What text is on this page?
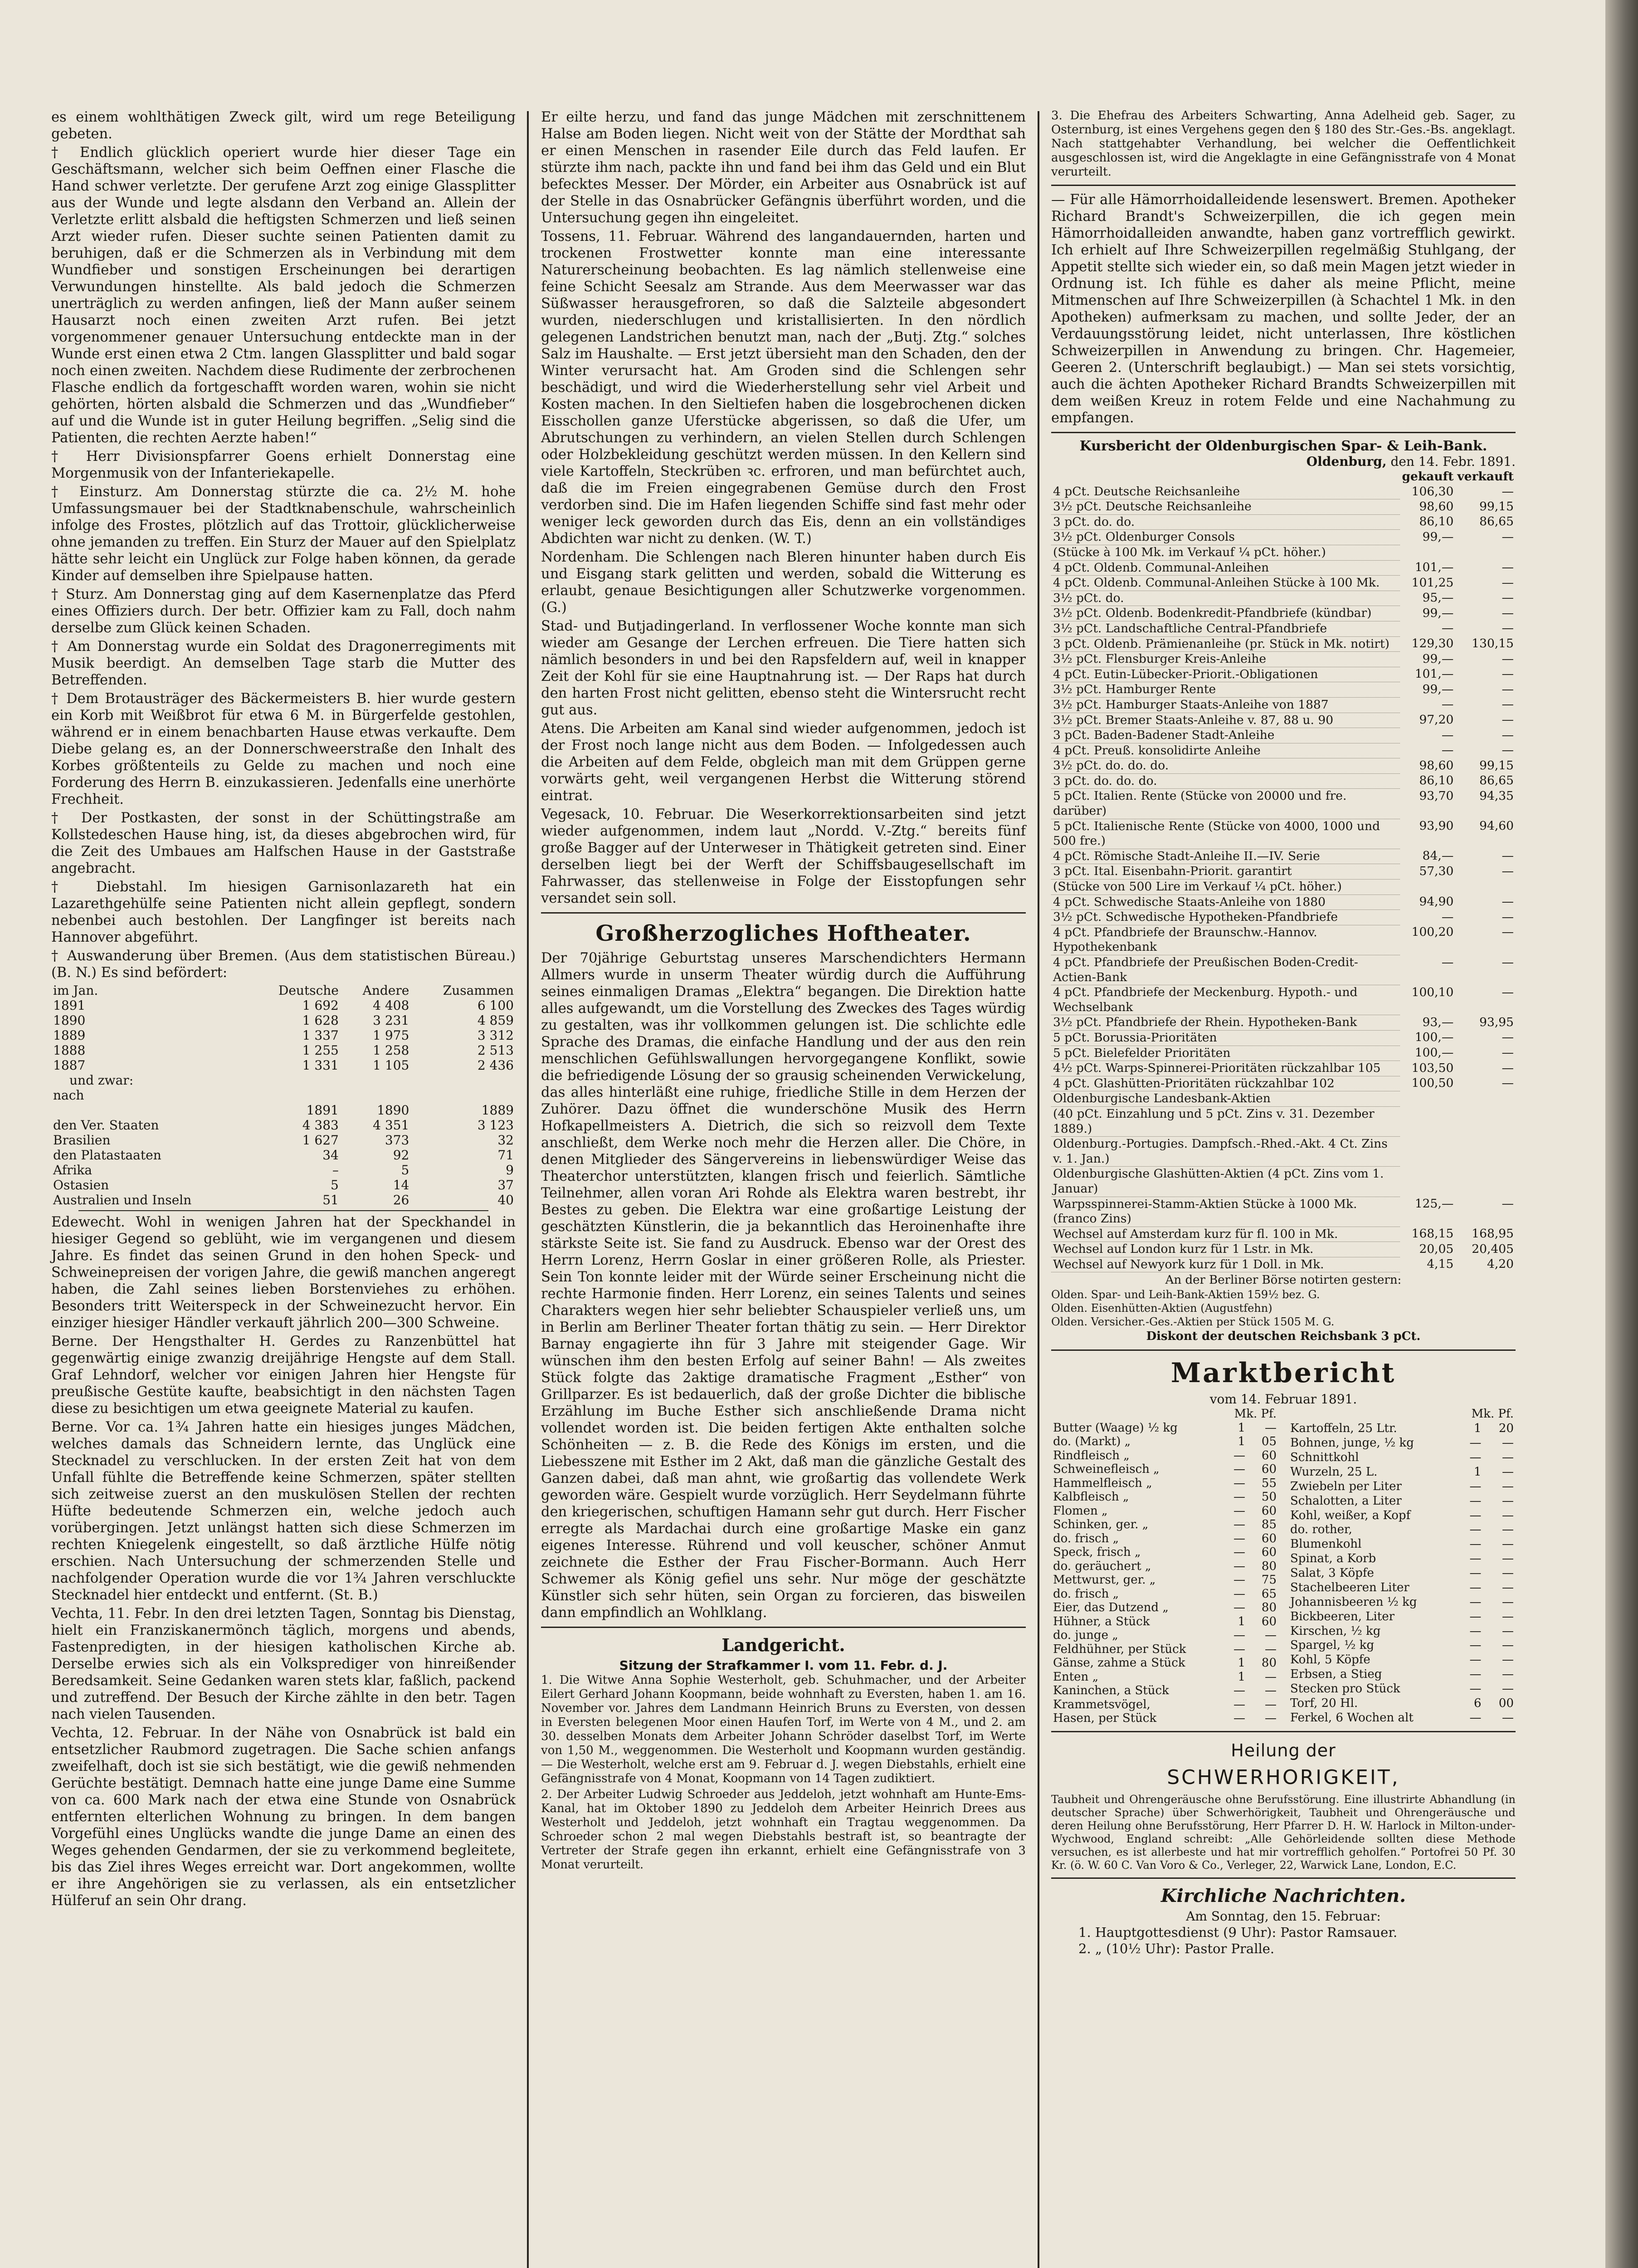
es einem wohlthätigen Zweck gilt, wird um rege Beteiligung gebeten.

† Endlich glücklich operiert wurde hier dieser Tage ein Geschäftsmann, welcher sich beim Oeffnen einer Flasche die Hand schwer verletzte. Der gerufene Arzt zog einige Glassplitter aus der Wunde und legte alsdann den Verband an. Allein der Verletzte erlitt alsbald die heftigsten Schmerzen und ließ seinen Arzt wieder rufen. Dieser suchte seinen Patienten damit zu beruhigen, daß er die Schmerzen als in Verbindung mit dem Wundfieber und sonstigen Erscheinungen bei derartigen Verwundungen hinstellte. Als bald jedoch die Schmerzen unerträglich zu werden anfingen, ließ der Mann außer seinem Hausarzt noch einen zweiten Arzt rufen. Bei jetzt vorgenommener genauer Untersuchung entdeckte man in der Wunde erst einen etwa 2 Ctm. langen Glassplitter und bald sogar noch einen zweiten. Nachdem diese Rudimente der zerbrochenen Flasche endlich da fortgeschafft worden waren, wohin sie nicht gehörten, hörten alsbald die Schmerzen und das „Wundfieber“ auf und die Wunde ist in guter Heilung begriffen. „Selig sind die Patienten, die rechten Aerzte haben!“

† Herr Divisionspfarrer Goens erhielt Donnerstag eine Morgenmusik von der Infanteriekapelle.

† Einsturz. Am Donnerstag stürzte die ca. 2½ M. hohe Umfassungsmauer bei der Stadtknabenschule, wahrscheinlich infolge des Frostes, plötzlich auf das Trottoir, glücklicherweise ohne jemanden zu treffen. Ein Sturz der Mauer auf den Spielplatz hätte sehr leicht ein Unglück zur Folge haben können, da gerade Kinder auf demselben ihre Spielpause hatten.

† Sturz. Am Donnerstag ging auf dem Kasernenplatze das Pferd eines Offiziers durch. Der betr. Offizier kam zu Fall, doch nahm derselbe zum Glück keinen Schaden.

† Am Donnerstag wurde ein Soldat des Dragonerregiments mit Musik beerdigt. An demselben Tage starb die Mutter des Betreffenden.

† Dem Brotausträger des Bäckermeisters B. hier wurde gestern ein Korb mit Weißbrot für etwa 6 M. in Bürgerfelde gestohlen, während er in einem benachbarten Hause etwas verkaufte. Dem Diebe gelang es, an der Donnerschweerstraße den Inhalt des Korbes größtenteils zu Gelde zu machen und noch eine Forderung des Herrn B. einzukassieren. Jedenfalls eine unerhörte Frechheit.

† Der Postkasten, der sonst in der Schüttingstraße am Kollstedeschen Hause hing, ist, da dieses abgebrochen wird, für die Zeit des Umbaues am Halfschen Hause in der Gaststraße angebracht.

† Diebstahl. Im hiesigen Garnisonlazareth hat ein Lazarethgehülfe seine Patienten nicht allein gepflegt, sondern nebenbei auch bestohlen. Der Langfinger ist bereits nach Hannover abgeführt.

† Auswanderung über Bremen. (Aus dem statistischen Büreau.) (B. N.) Es sind befördert:

im Jan.	Deutsche	Andere	Zusammen
1891	1 692	4 408	6 100
1890	1 628	3 231	4 859
1889	1 337	1 975	3 312
1888	1 255	1 258	2 513
1887	1 331	1 105	2 436
und zwar:			
nach			
	1891	1890	1889
den Ver. Staaten	4 383	4 351	3 123
Brasilien	1 627	373	32
den Platastaaten	34	92	71
Afrika	–	5	9
Ostasien	5	14	37
Australien und Inseln	51	26	40

Edewecht. Wohl in wenigen Jahren hat der Speckhandel in hiesiger Gegend so geblüht, wie im vergangenen und diesem Jahre. Es findet das seinen Grund in den hohen Speck- und Schweinepreisen der vorigen Jahre, die gewiß manchen angeregt haben, die Zahl seines lieben Borstenviehes zu erhöhen. Besonders tritt Weiterspeck in der Schweinezucht hervor. Ein einziger hiesiger Händler verkauft jährlich 200—300 Schweine.

Berne. Der Hengsthalter H. Gerdes zu Ranzenbüttel hat gegenwärtig einige zwanzig dreijährige Hengste auf dem Stall. Graf Lehndorf, welcher vor einigen Jahren hier Hengste für preußische Gestüte kaufte, beabsichtigt in den nächsten Tagen diese zu besichtigen um etwa geeignete Material zu kaufen.

Berne. Vor ca. 1¾ Jahren hatte ein hiesiges junges Mädchen, welches damals das Schneidern lernte, das Unglück eine Stecknadel zu verschlucken. In der ersten Zeit hat von dem Unfall fühlte die Betreffende keine Schmerzen, später stellten sich zeitweise zuerst an den muskulösen Stellen der rechten Hüfte bedeutende Schmerzen ein, welche jedoch auch vorübergingen. Jetzt unlängst hatten sich diese Schmerzen im rechten Kniegelenk eingestellt, so daß ärztliche Hülfe nötig erschien. Nach Untersuchung der schmerzenden Stelle und nachfolgender Operation wurde die vor 1¾ Jahren verschluckte Stecknadel hier entdeckt und entfernt. (St. B.)

Vechta, 11. Febr. In den drei letzten Tagen, Sonntag bis Dienstag, hielt ein Franziskanermönch täglich, morgens und abends, Fastenpredigten, in der hiesigen katholischen Kirche ab. Derselbe erwies sich als ein Volksprediger von hinreißender Beredsamkeit. Seine Gedanken waren stets klar, faßlich, packend und zutreffend. Der Besuch der Kirche zählte in den betr. Tagen nach vielen Tausenden.

Vechta, 12. Februar. In der Nähe von Osnabrück ist bald ein entsetzlicher Raubmord zugetragen. Die Sache schien anfangs zweifelhaft, doch ist sie sich bestätigt, wie die gewiß nehmenden Gerüchte bestätigt. Demnach hatte eine junge Dame eine Summe von ca. 600 Mark nach der etwa eine Stunde von Osnabrück entfernten elterlichen Wohnung zu bringen. In dem bangen Vorgefühl eines Unglücks wandte die junge Dame an einen des Weges gehenden Gendarmen, der sie zu verkommend begleitete, bis das Ziel ihres Weges erreicht war. Dort angekommen, wollte er ihre Angehörigen sie zu verlassen, als ein entsetzlicher Hülferuf an sein Ohr drang.

Er eilte herzu, und fand das junge Mädchen mit zerschnittenem Halse am Boden liegen. Nicht weit von der Stätte der Mordthat sah er einen Menschen in rasender Eile durch das Feld laufen. Er stürzte ihm nach, packte ihn und fand bei ihm das Geld und ein Blut befecktes Messer. Der Mörder, ein Arbeiter aus Osnabrück ist auf der Stelle in das Osnabrücker Gefängnis überführt worden, und die Untersuchung gegen ihn eingeleitet.

Tossens, 11. Februar. Während des langandauernden, harten und trockenen Frostwetter konnte man eine interessante Naturerscheinung beobachten. Es lag nämlich stellenweise eine feine Schicht Seesalz am Strande. Aus dem Meerwasser war das Süßwasser herausgefroren, so daß die Salzteile abgesondert wurden, niederschlugen und kristallisierten. In den nördlich gelegenen Landstrichen benutzt man, nach der „Butj. Ztg.“ solches Salz im Haushalte. — Erst jetzt übersieht man den Schaden, den der Winter verursacht hat. Am Groden sind die Schlengen sehr beschädigt, und wird die Wiederherstellung sehr viel Arbeit und Kosten machen. In den Sieltiefen haben die losgebrochenen dicken Eisschollen ganze Uferstücke abgerissen, so daß die Ufer, um Abrutschungen zu verhindern, an vielen Stellen durch Schlengen oder Holzbekleidung geschützt werden müssen. In den Kellern sind viele Kartoffeln, Steckrüben ꝛc. erfroren, und man befürchtet auch, daß die im Freien eingegrabenen Gemüse durch den Frost verdorben sind. Die im Hafen liegenden Schiffe sind fast mehr oder weniger leck geworden durch das Eis, denn an ein vollständiges Abdichten war nicht zu denken. (W. T.)

Nordenham. Die Schlengen nach Bleren hinunter haben durch Eis und Eisgang stark gelitten und werden, sobald die Witterung es erlaubt, genaue Besichtigungen aller Schutzwerke vorgenommen. (G.)

Stad- und Butjadingerland. In verflossener Woche konnte man sich wieder am Gesange der Lerchen erfreuen. Die Tiere hatten sich nämlich besonders in und bei den Rapsfeldern auf, weil in knapper Zeit der Kohl für sie eine Hauptnahrung ist. — Der Raps hat durch den harten Frost nicht gelitten, ebenso steht die Wintersrucht recht gut aus.

Atens. Die Arbeiten am Kanal sind wieder aufgenommen, jedoch ist der Frost noch lange nicht aus dem Boden. — Infolgedessen auch die Arbeiten auf dem Felde, obgleich man mit dem Grüppen gerne vorwärts geht, weil vergangenen Herbst die Witterung störend eintrat.

Vegesack, 10. Februar. Die Weserkorrektionsarbeiten sind jetzt wieder aufgenommen, indem laut „Nordd. V.-Ztg.“ bereits fünf große Bagger auf der Unterweser in Thätigkeit getreten sind. Einer derselben liegt bei der Werft der Schiffsbaugesellschaft im Fahrwasser, das stellenweise in Folge der Eisstopfungen sehr versandet sein soll.

Großherzogliches Hoftheater.

Der 70jährige Geburtstag unseres Marschendichters Hermann Allmers wurde in unserm Theater würdig durch die Aufführung seines einmaligen Dramas „Elektra“ begangen. Die Direktion hatte alles aufgewandt, um die Vorstellung des Zweckes des Tages würdig zu gestalten, was ihr vollkommen gelungen ist. Die schlichte edle Sprache des Dramas, die einfache Handlung und der aus den rein menschlichen Gefühlswallungen hervorgegangene Konflikt, sowie die befriedigende Lösung der so grausig scheinenden Verwickelung, das alles hinterläßt eine ruhige, friedliche Stille in dem Herzen der Zuhörer. Dazu öffnet die wunderschöne Musik des Herrn Hofkapellmeisters A. Dietrich, die sich so reizvoll dem Texte anschließt, dem Werke noch mehr die Herzen aller. Die Chöre, in denen Mitglieder des Sängervereins in liebenswürdiger Weise das Theaterchor unterstützten, klangen frisch und feierlich. Sämtliche Teilnehmer, allen voran Ari Rohde als Elektra waren bestrebt, ihr Bestes zu geben. Die Elektra war eine großartige Leistung der geschätzten Künstlerin, die ja bekanntlich das Heroinenhafte ihre stärkste Seite ist. Sie fand zu Ausdruck. Ebenso war der Orest des Herrn Lorenz, Herrn Goslar in einer größeren Rolle, als Priester. Sein Ton konnte leider mit der Würde seiner Erscheinung nicht die rechte Harmonie finden. Herr Lorenz, ein seines Talents und seines Charakters wegen hier sehr beliebter Schauspieler verließ uns, um in Berlin am Berliner Theater fortan thätig zu sein. — Herr Direktor Barnay engagierte ihn für 3 Jahre mit steigender Gage. Wir wünschen ihm den besten Erfolg auf seiner Bahn! — Als zweites Stück folgte das 2aktige dramatische Fragment „Esther“ von Grillparzer. Es ist bedauerlich, daß der große Dichter die biblische Erzählung im Buche Esther sich anschließende Drama nicht vollendet worden ist. Die beiden fertigen Akte enthalten solche Schönheiten — z. B. die Rede des Königs im ersten, und die Liebesszene mit Esther im 2 Akt, daß man die gänzliche Gestalt des Ganzen dabei, daß man ahnt, wie großartig das vollendete Werk geworden wäre. Gespielt wurde vorzüglich. Herr Seydelmann führte den kriegerischen, schuftigen Hamann sehr gut durch. Herr Fischer erregte als Mardachai durch eine großartige Maske ein ganz eigenes Interesse. Rührend und voll keuscher, schöner Anmut zeichnete die Esther der Frau Fischer-Bormann. Auch Herr Schwemer als König gefiel uns sehr. Nur möge der geschätzte Künstler sich sehr hüten, sein Organ zu forcieren, das bisweilen dann empfindlich an Wohlklang.

Landgericht.
Sitzung der Strafkammer I. vom 11. Febr. d. J.

1. Die Witwe Anna Sophie Westerholt, geb. Schuhmacher, und der Arbeiter Eilert Gerhard Johann Koopmann, beide wohnhaft zu Eversten, haben 1. am 16. November vor. Jahres dem Landmann Heinrich Bruns zu Eversten, von dessen in Eversten belegenen Moor einen Haufen Torf, im Werte von 4 M., und 2. am 30. desselben Monats dem Arbeiter Johann Schröder daselbst Torf, im Werte von 1,50 M., weggenommen. Die Westerholt und Koopmann wurden geständig. — Die Westerholt, welche erst am 9. Februar d. J. wegen Diebstahls, erhielt eine Gefängnisstrafe von 4 Monat, Koopmann von 14 Tagen zudiktiert.

2. Der Arbeiter Ludwig Schroeder aus Jeddeloh, jetzt wohnhaft am Hunte-Ems-Kanal, hat im Oktober 1890 zu Jeddeloh dem Arbeiter Heinrich Drees aus Westerholt und Jeddeloh, jetzt wohnhaft ein Tragtau weggenommen. Da Schroeder schon 2 mal wegen Diebstahls bestraft ist, so beantragte der Vertreter der Strafe gegen ihn erkannt, erhielt eine Gefängnisstrafe von 3 Monat verurteilt.

3. Die Ehefrau des Arbeiters Schwarting, Anna Adelheid geb. Sager, zu Osternburg, ist eines Vergehens gegen den § 180 des Str.-Ges.-Bs. angeklagt. Nach stattgehabter Verhandlung, bei welcher die Oeffentlichkeit ausgeschlossen ist, wird die Angeklagte in eine Gefängnisstrafe von 4 Monat verurteilt.

— Für alle Hämorrhoidalleidende lesenswert. Bremen. Apotheker Richard Brandt's Schweizerpillen, die ich gegen mein Hämorrhoidalleiden anwandte, haben ganz vortrefflich gewirkt. Ich erhielt auf Ihre Schweizerpillen regelmäßig Stuhlgang, der Appetit stellte sich wieder ein, so daß mein Magen jetzt wieder in Ordnung ist. Ich fühle es daher als meine Pflicht, meine Mitmenschen auf Ihre Schweizerpillen (à Schachtel 1 Mk. in den Apotheken) aufmerksam zu machen, und sollte Jeder, der an Verdauungsstörung leidet, nicht unterlassen, Ihre köstlichen Schweizerpillen in Anwendung zu bringen. Chr. Hagemeier, Geeren 2. (Unterschrift beglaubigt.) — Man sei stets vorsichtig, auch die ächten Apotheker Richard Brandts Schweizerpillen mit dem weißen Kreuz in rotem Felde und eine Nachahmung zu empfangen.

Kursbericht der Oldenburgischen Spar- & Leih-Bank.
Oldenburg, den 14. Febr. 1891.
	gekauft	verkauft
4 pCt. Deutsche Reichsanleihe	106,30	—
3½ pCt. Deutsche Reichsanleihe	98,60	99,15
3 pCt. do. do.	86,10	86,65
3½ pCt. Oldenburger Consols	99,—	—
(Stücke à 100 Mk. im Verkauf ¼ pCt. höher.)		
4 pCt. Oldenb. Communal-Anleihen	101,—	—
4 pCt. Oldenb. Communal-Anleihen Stücke à 100 Mk.	101,25	—
3½ pCt. do.	95,—	—
3½ pCt. Oldenb. Bodenkredit-Pfandbriefe (kündbar)	99,—	—
3½ pCt. Landschaftliche Central-Pfandbriefe	—	—
3 pCt. Oldenb. Prämienanleihe (pr. Stück in Mk. notirt)	129,30	130,15
3½ pCt. Flensburger Kreis-Anleihe	99,—	—
4 pCt. Eutin-Lübecker-Priorit.-Obligationen	101,—	—
3½ pCt. Hamburger Rente	99,—	—
3½ pCt. Hamburger Staats-Anleihe von 1887	—	—
3½ pCt. Bremer Staats-Anleihe v. 87, 88 u. 90	97,20	—
3 pCt. Baden-Badener Stadt-Anleihe	—	—
4 pCt. Preuß. konsolidirte Anleihe	—	—
3½ pCt. do. do. do.	98,60	99,15
3 pCt. do. do. do.	86,10	86,65
5 pCt. Italien. Rente (Stücke von 20000 und fre. darüber)	93,70	94,35
5 pCt. Italienische Rente (Stücke von 4000, 1000 und 500 fre.)	93,90	94,60
4 pCt. Römische Stadt-Anleihe II.—IV. Serie	84,—	—
3 pCt. Ital. Eisenbahn-Priorit. garantirt	57,30	—
(Stücke von 500 Lire im Verkauf ¼ pCt. höher.)		
4 pCt. Schwedische Staats-Anleihe von 1880	94,90	—
3½ pCt. Schwedische Hypotheken-Pfandbriefe	—	—
4 pCt. Pfandbriefe der Braunschw.-Hannov. Hypothekenbank	100,20	—
4 pCt. Pfandbriefe der Preußischen Boden-Credit-Actien-Bank	—	—
4 pCt. Pfandbriefe der Meckenburg. Hypoth.- und Wechselbank	100,10	—
3½ pCt. Pfandbriefe der Rhein. Hypotheken-Bank	93,—	93,95
5 pCt. Borussia-Prioritäten	100,—	—
5 pCt. Bielefelder Prioritäten	100,—	—
4½ pCt. Warps-Spinnerei-Prioritäten rückzahlbar 105	103,50	—
4 pCt. Glashütten-Prioritäten rückzahlbar 102	100,50	—
Oldenburgische Landesbank-Aktien		
(40 pCt. Einzahlung und 5 pCt. Zins v. 31. Dezember 1889.)		
Oldenburg.-Portugies. Dampfsch.-Rhed.-Akt. 4 Ct. Zins v. 1. Jan.)		
Oldenburgische Glashütten-Aktien (4 pCt. Zins vom 1. Januar)		
Warpsspinnerei-Stamm-Aktien Stücke à 1000 Mk. (franco Zins)	125,—	—
Wechsel auf Amsterdam kurz für fl. 100 in Mk.	168,15	168,95
Wechsel auf London kurz für 1 Lstr. in Mk.	20,05	20,405
Wechsel auf Newyork kurz für 1 Doll. in Mk.	4,15	4,20
An der Berliner Börse notirten gestern:
Olden. Spar- und Leih-Bank-Aktien 159½ bez. G.
Olden. Eisenhütten-Aktien (Augustfehn)
Olden. Versicher.-Ges.-Aktien per Stück 1505 M. G.
Diskont der deutschen Reichsbank 3 pCt.
Marktbericht
vom 14. Februar 1891.
	Mk. Pf.	
Butter (Waage) ½ kg	1	—
do. (Markt) „	1	05
Rindfleisch „	—	60
Schweinefleisch „	—	60
Hammelfleisch „	—	55
Kalbfleisch „	—	50
Flomen „	—	60
Schinken, ger. „	—	85
do. frisch „	—	60
Speck, frisch „	—	60
do. geräuchert „	—	80
Mettwurst, ger. „	—	75
do. frisch „	—	65
Eier, das Dutzend „	—	80
Hühner, a Stück	1	60
do. junge „	—	—
Feldhühner, per Stück	—	—
Gänse, zahme a Stück	1	80
Enten „	1	—
Kaninchen, a Stück	—	—
Krammetsvögel,	—	—
Hasen, per Stück	—	—
	Mk. Pf.	
Kartoffeln, 25 Ltr.	1	20
Bohnen, junge, ½ kg	—	—
Schnittkohl	—	—
Wurzeln, 25 L.	1	—
Zwiebeln per Liter	—	—
Schalotten, a Liter	—	—
Kohl, weißer, a Kopf	—	—
do. rother,	—	—
Blumenkohl	—	—
Spinat, a Korb	—	—
Salat, 3 Köpfe	—	—
Stachelbeeren Liter	—	—
Johannisbeeren ½ kg	—	—
Bickbeeren, Liter	—	—
Kirschen, ½ kg	—	—
Spargel, ½ kg	—	—
Kohl, 5 Köpfe	—	—
Erbsen, a Stieg	—	—
Stecken pro Stück	—	—
Torf, 20 Hl.	6	00
Ferkel, 6 Wochen alt	—	—
Heilung der
SCHWERHORIGKEIT,

Taubheit und Ohrengeräusche ohne Berufsstörung. Eine illustrirte Abhandlung (in deutscher Sprache) über Schwerhörigkeit, Taubheit und Ohrengeräusche und deren Heilung ohne Berufsstörung, Herr Pfarrer D. H. W. Harlock in Milton-under-Wychwood, England schreibt: „Alle Gehörleidende sollten diese Methode versuchen, es ist allerbeste und hat mir vortrefflich geholfen.“ Portofrei 50 Pf. 30 Kr. (ö. W. 60 C. Van Voro & Co., Verleger, 22, Warwick Lane, London, E.C.

Kirchliche Nachrichten.
Am Sonntag, den 15. Februar:
1. Hauptgottesdienst (9 Uhr): Pastor Ramsauer.
2. „ (10½ Uhr): Pastor Pralle.
